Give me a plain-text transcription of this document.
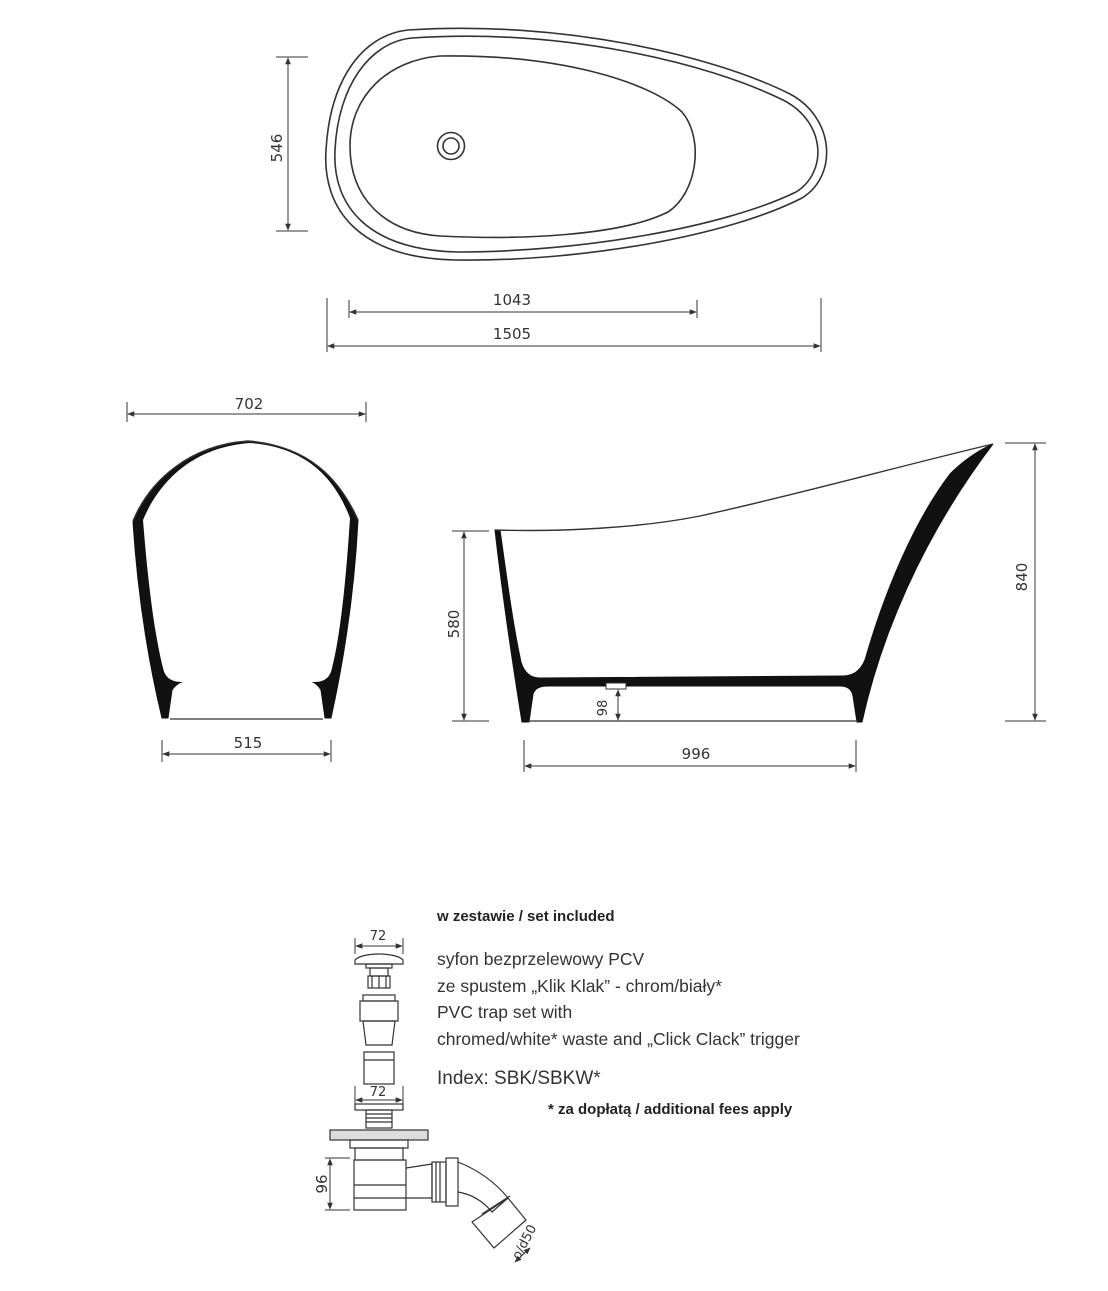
546
1043
1505
702
515
580
840
98
996
72
72
96
o/d50
w zestawie / set included
syfon bezprzelewowy PCV
ze spustem „Klik Klak” - chrom/biały*
PVC trap set with
chromed/white* waste and „Click Clack” trigger
Index: SBK/SBKW*
* za dopłatą / additional fees apply
